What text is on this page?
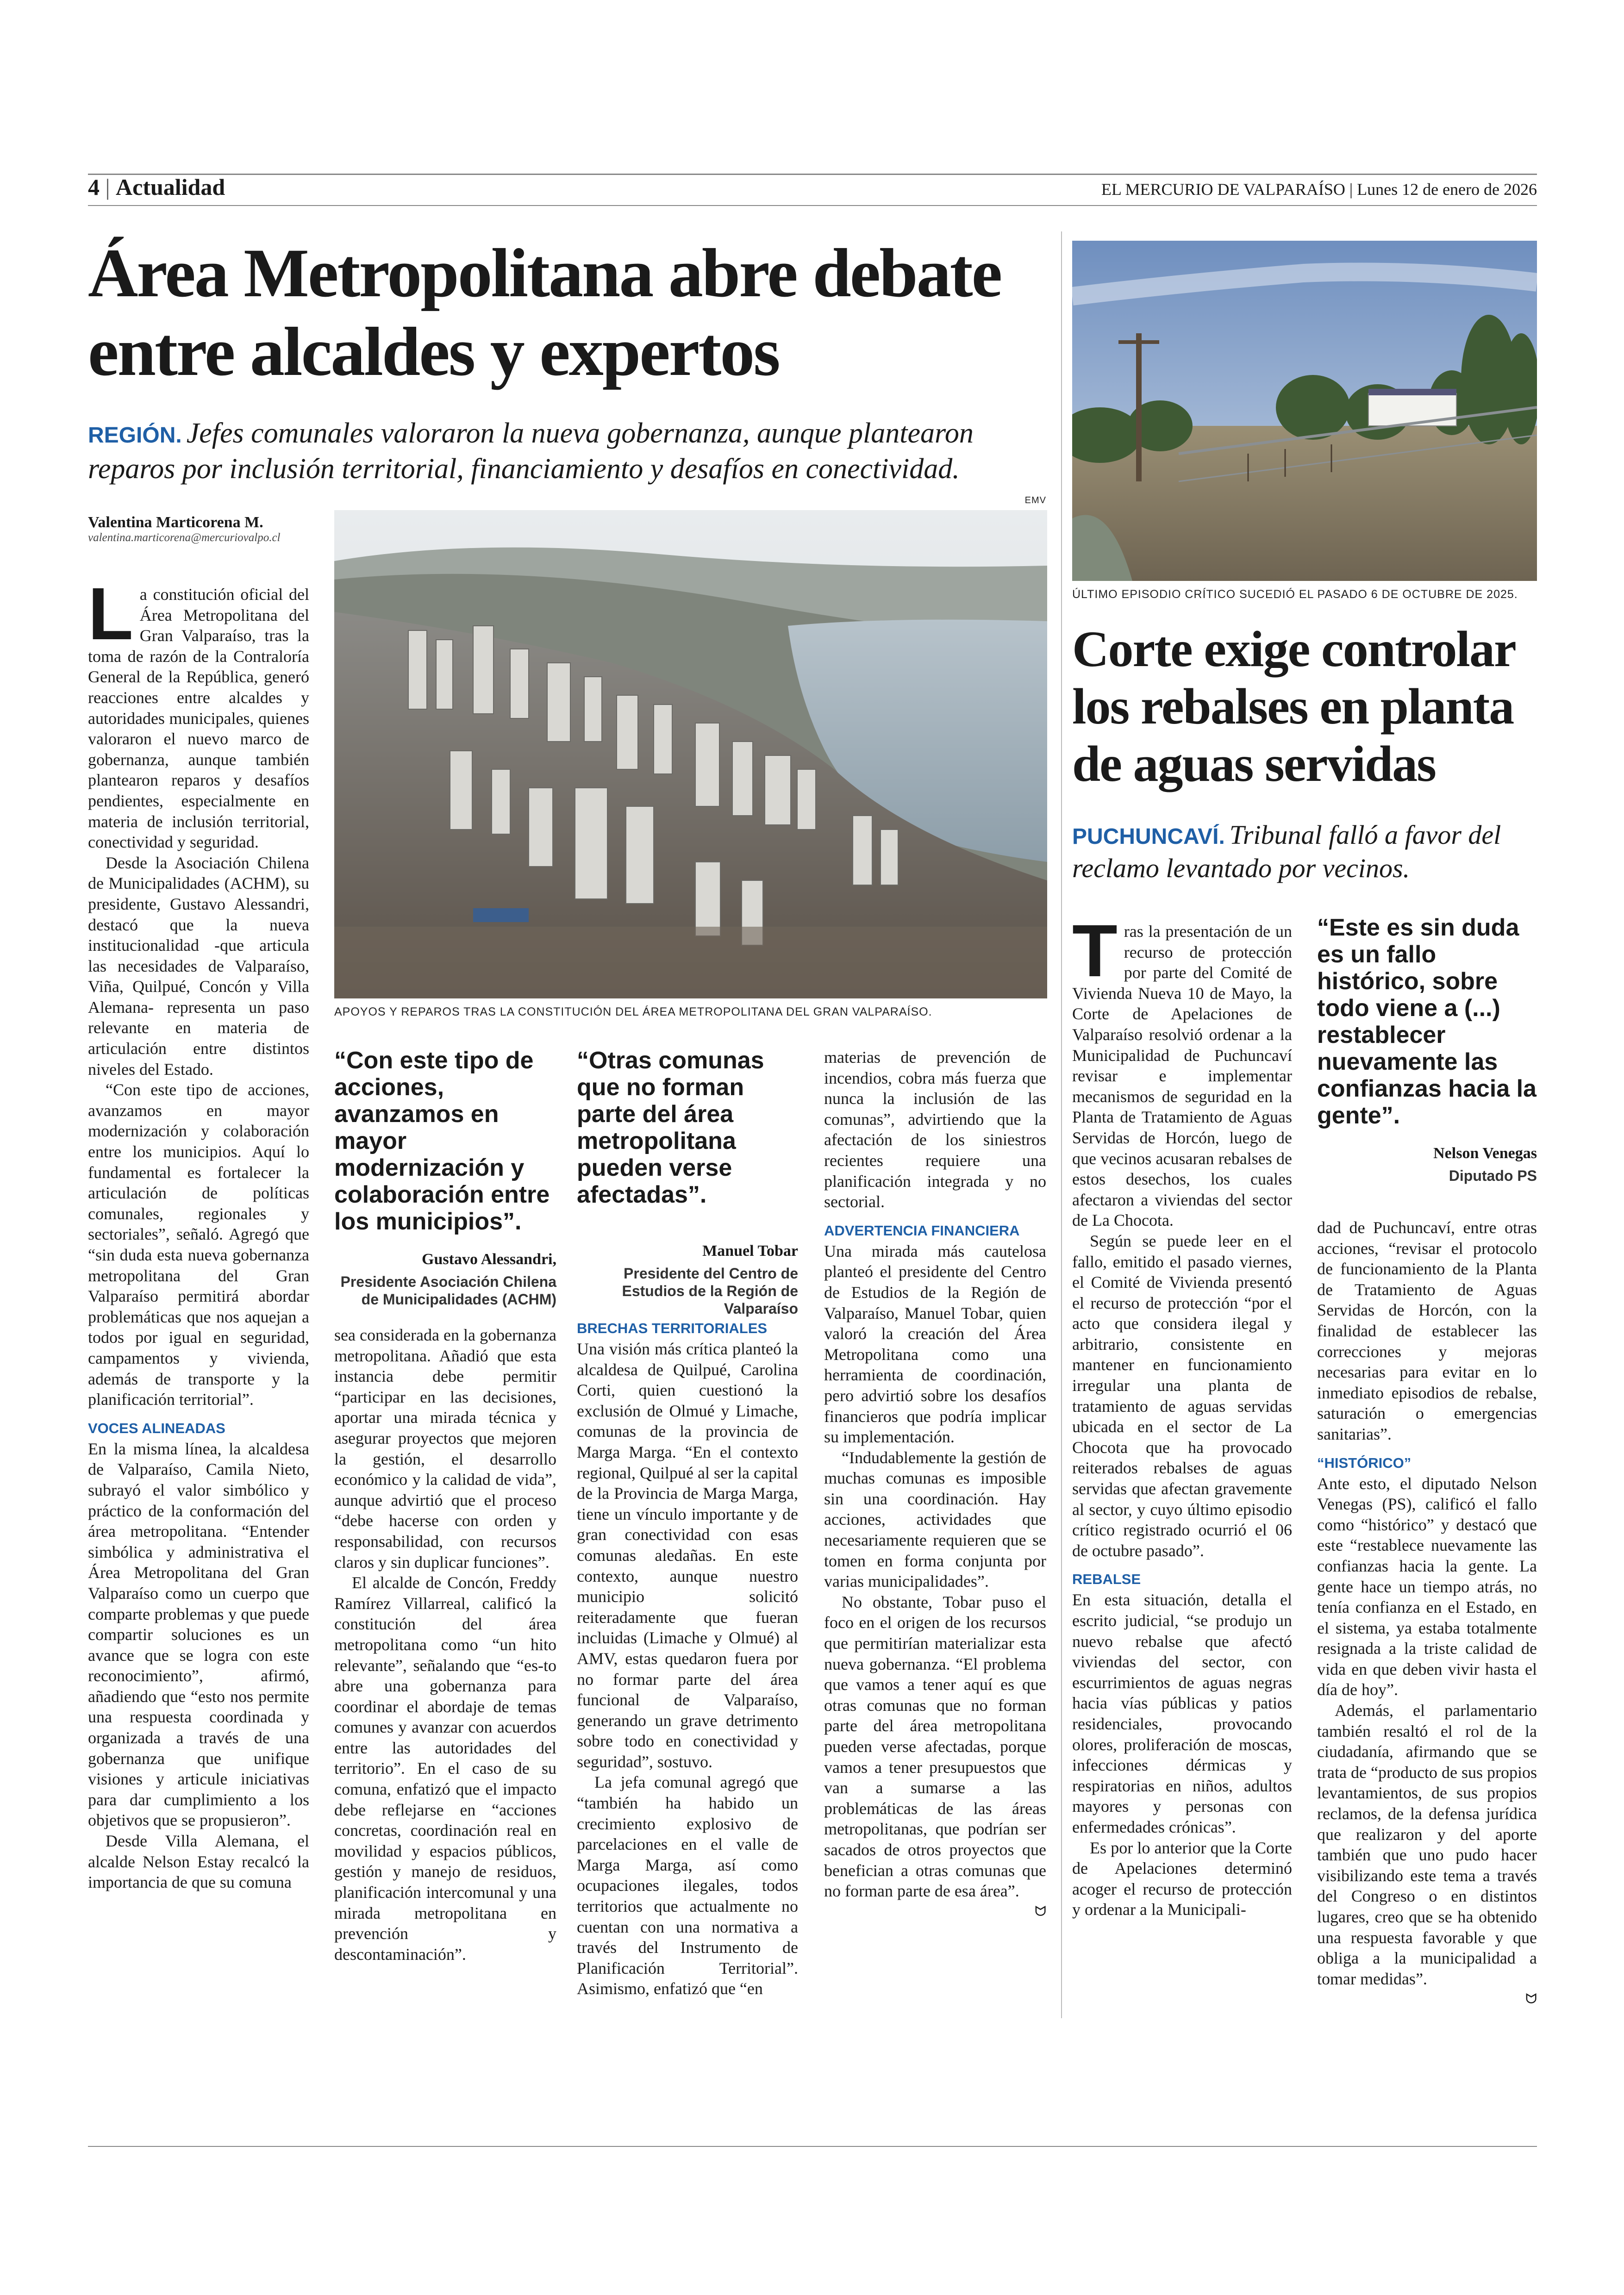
4 | Actualidad	EL MERCURIO DE VALPARAÍSO | Lunes 12 de enero de 2026
Área Metropolitana abre debate
entre alcaldes y expertos
REGIÓN. Jefes comunales valoraron la nueva gobernanza, aunque plantearon reparos por inclusión territorial, financiamiento y desafíos en conectividad.
Valentina Marticorena M.
valentina.marticorena@mercuriovalpo.cl
EMV
APOYOS Y REPAROS TRAS LA CONSTITUCIÓN DEL ÁREA METROPOLITANA DEL GRAN VALPARAÍSO.

La constitución oficial del Área Metropolitana del Gran Valparaíso, tras la toma de razón de la Contraloría General de la República, generó reacciones entre alcaldes y autoridades municipales, quienes valoraron el nuevo marco de gobernanza, aunque también plantearon reparos y desafíos pendientes, especialmente en materia de inclusión territorial, conectividad y seguridad.

Desde la Asociación Chilena de Municipalidades (ACHM), su presidente, Gustavo Alessandri, destacó que la nueva institucionalidad -que articula las necesidades de Valparaíso, Viña, Quilpué, Concón y Villa Alemana- representa un paso relevante en materia de articulación entre distintos niveles del Estado.

“Con este tipo de acciones, avanzamos en mayor modernización y colaboración entre los municipios. Aquí lo fundamental es fortalecer la articulación de políticas comunales, regionales y sectoriales”, señaló. Agregó que “sin duda esta nueva gobernanza metropolitana del Gran Valparaíso permitirá abordar problemáticas que nos aquejan a todos por igual en seguridad, campamentos y vivienda, además de transporte y la planificación territorial”.

VOCES ALINEADAS

En la misma línea, la alcaldesa de Valparaíso, Camila Nieto, subrayó el valor simbólico y práctico de la conformación del área metropolitana. “Entender simbólica y administrativa el Área Metropolitana del Gran Valparaíso como un cuerpo que comparte problemas y que puede compartir soluciones es un avance que se logra con este reconocimiento”, afirmó, añadiendo que “esto nos permite una respuesta coordinada y organizada a través de una gobernanza que unifique visiones y articule iniciativas para dar cumplimiento a los objetivos que se propusieron”.

Desde Villa Alemana, el alcalde Nelson Estay recalcó la importancia de que su comuna

“Con este tipo de acciones, avanzamos en mayor modernización y colaboración entre los municipios”.
Gustavo Alessandri,
Presidente Asociación Chilena de Municipalidades (ACHM)
“Otras comunas que no forman parte del área metropolitana pueden verse afectadas”.
Manuel Tobar
Presidente del Centro de Estudios de la Región de Valparaíso

sea considerada en la gobernanza metropolitana. Añadió que esta instancia debe permitir “participar en las decisiones, aportar una mirada técnica y asegurar proyectos que mejoren la gestión, el desarrollo económico y la calidad de vida”, aunque advirtió que el proceso “debe hacerse con orden y responsabilidad, con recursos claros y sin duplicar funciones”.

El alcalde de Concón, Freddy Ramírez Villarreal, calificó la constitución del área metropolitana como “un hito relevante”, señalando que “es-to abre una gobernanza para coordinar el abordaje de temas comunes y avanzar con acuerdos entre las autoridades del territorio”. En el caso de su comuna, enfatizó que el impacto debe reflejarse en “acciones concretas, coordinación real en movilidad y espacios públicos, gestión y manejo de residuos, planificación intercomunal y una mirada metropolitana en prevención y descontaminación”.

BRECHAS TERRITORIALES

Una visión más crítica planteó la alcaldesa de Quilpué, Carolina Corti, quien cuestionó la exclusión de Olmué y Limache, comunas de la provincia de Marga Marga. “En el contexto regional, Quilpué al ser la capital de la Provincia de Marga Marga, tiene un vínculo importante y de gran conectividad con esas comunas aledañas. En este contexto, aunque nuestro municipio solicitó reiteradamente que fueran incluidas (Limache y Olmué) al AMV, estas quedaron fuera por no formar parte del área funcional de Valparaíso, generando un grave detrimento sobre todo en conectividad y seguridad”, sostuvo.

La jefa comunal agregó que “también ha habido un crecimiento explosivo de parcelaciones en el valle de Marga Marga, así como ocupaciones ilegales, todos territorios que actualmente no cuentan con una normativa a través del Instrumento de Planificación Territorial”. Asimismo, enfatizó que “en

materias de prevención de incendios, cobra más fuerza que nunca la inclusión de las comunas”, advirtiendo que la afectación de los siniestros recientes requiere una planificación integrada y no sectorial.

ADVERTENCIA FINANCIERA

Una mirada más cautelosa planteó el presidente del Centro de Estudios de la Región de Valparaíso, Manuel Tobar, quien valoró la creación del Área Metropolitana como una herramienta de coordinación, pero advirtió sobre los desafíos financieros que podría implicar su implementación.

“Indudablemente la gestión de muchas comunas es imposible sin una coordinación. Hay acciones, actividades que necesariamente requieren que se tomen en forma conjunta por varias municipalidades”.

No obstante, Tobar puso el foco en el origen de los recursos que permitirían materializar esta nueva gobernanza. “El problema que vamos a tener aquí es que otras comunas que no forman parte del área metropolitana pueden verse afectadas, porque vamos a tener presupuestos que van a sumarse a las problemáticas de las áreas metropolitanas, que podrían ser sacados de otros proyectos que benefician a otras comunas que no forman parte de esa área”.

ᗢ
ÚLTIMO EPISODIO CRÍTICO SUCEDIÓ EL PASADO 6 DE OCTUBRE DE 2025.
Corte exige controlar
los rebalses en planta
de aguas servidas
PUCHUNCAVÍ. Tribunal falló a favor del reclamo levantado por vecinos.

Tras la presentación de un recurso de protección por parte del Comité de Vivienda Nueva 10 de Mayo, la Corte de Apelaciones de Valparaíso resolvió ordenar a la Municipalidad de Puchuncaví revisar e implementar mecanismos de seguridad en la Planta de Tratamiento de Aguas Servidas de Horcón, luego de que vecinos acusaran rebalses de estos desechos, los cuales afectaron a viviendas del sector de La Chocota.

Según se puede leer en el fallo, emitido el pasado viernes, el Comité de Vivienda presentó el recurso de protección “por el acto que considera ilegal y arbitrario, consistente en mantener en funcionamiento irregular una planta de tratamiento de aguas servidas ubicada en el sector de La Chocota que ha provocado reiterados rebalses de aguas servidas que afectan gravemente al sector, y cuyo último episodio crítico registrado ocurrió el 06 de octubre pasado”.

REBALSE

En esta situación, detalla el escrito judicial, “se produjo un nuevo rebalse que afectó viviendas del sector, con escurrimientos de aguas negras hacia vías públicas y patios residenciales, provocando olores, proliferación de moscas, infecciones dérmicas y respiratorias en niños, adultos mayores y personas con enfermedades crónicas”.

Es por lo anterior que la Corte de Apelaciones determinó acoger el recurso de protección y ordenar a la Municipali-

“Este es sin duda es un fallo histórico, sobre todo viene a (...) restablecer nuevamente las confianzas hacia la gente”.
Nelson Venegas
Diputado PS

dad de Puchuncaví, entre otras acciones, “revisar el protocolo de funcionamiento de la Planta de Tratamiento de Aguas Servidas de Horcón, con la finalidad de establecer las correcciones y mejoras necesarias para evitar en lo inmediato episodios de rebalse, saturación o emergencias sanitarias”.

“HISTÓRICO”

Ante esto, el diputado Nelson Venegas (PS), calificó el fallo como “histórico” y destacó que este “restablece nuevamente las confianzas hacia la gente. La gente hace un tiempo atrás, no tenía confianza en el Estado, en el sistema, ya estaba totalmente resignada a la triste calidad de vida en que deben vivir hasta el día de hoy”.

Además, el parlamentario también resaltó el rol de la ciudadanía, afirmando que se trata de “producto de sus propios levantamientos, de sus propios reclamos, de la defensa jurídica que realizaron y del aporte también que uno pudo hacer visibilizando este tema a través del Congreso o en distintos lugares, creo que se ha obtenido una respuesta favorable y que obliga a la municipalidad a tomar medidas”.

ᗢ
